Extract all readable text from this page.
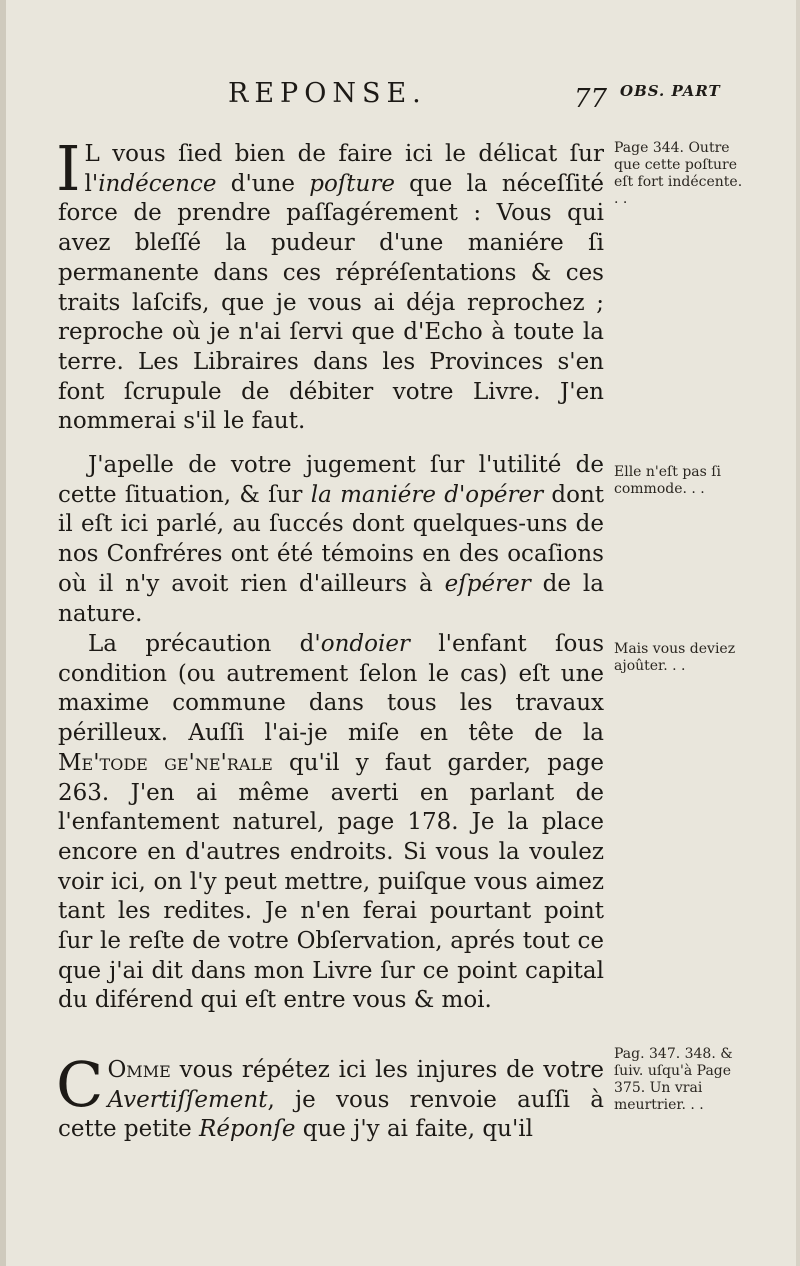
REPONSE.	77 OBS. PART

I L vous ſied bien de faire ici le délicat ſur l'indécence d'une poſture que la néceſſité force de prendre paſſagérement : Vous qui avez bleſſé la pudeur d'une maniére ſi permanente dans ces répréſentations & ces traits laſcifs, que je vous ai déja reprochez ; reproche où je n'ai ſervi que d'Echo à toute la terre. Les Libraires dans les Provinces s'en font ſcrupule de débiter votre Livre. J'en nommerai s'il le faut.

J'apelle de votre jugement ſur l'utilité de cette ſituation, & ſur la maniére d'opérer dont il eſt ici parlé, au ſuccés dont quelques-uns de nos Confréres ont été témoins en des ocaſions où il n'y avoit rien d'ailleurs à eſpérer de la nature.

La précaution d'ondoier l'enfant ſous condition (ou autrement ſelon le cas) eſt une maxime commune dans tous les travaux périlleux. Auſſi l'ai-je miſe en tête de la Me'tode ge'ne'rale qu'il y faut garder, page 263. J'en ai même averti en parlant de l'enfantement naturel, page 178. Je la place encore en d'autres endroits. Si vous la voulez voir ici, on l'y peut mettre, puiſque vous aimez tant les redites. Je n'en ferai pourtant point ſur le reſte de votre Obſervation, aprés tout ce que j'ai dit dans mon Livre ſur ce point capital du diférend qui eſt entre vous & moi.

C Omme vous répétez ici les injures de votre Avertiſſement, je vous renvoie auſſi à cette petite Réponſe que j'y ai faite, qu'il

Page 344. Outre que cette poſture eſt fort indécente. . .
Elle n'eſt pas ſi commode. . .
Mais vous deviez ajoûter. . .
Pag. 347. 348. & ſuiv. uſqu'à Page 375. Un vrai meurtrier. . .
